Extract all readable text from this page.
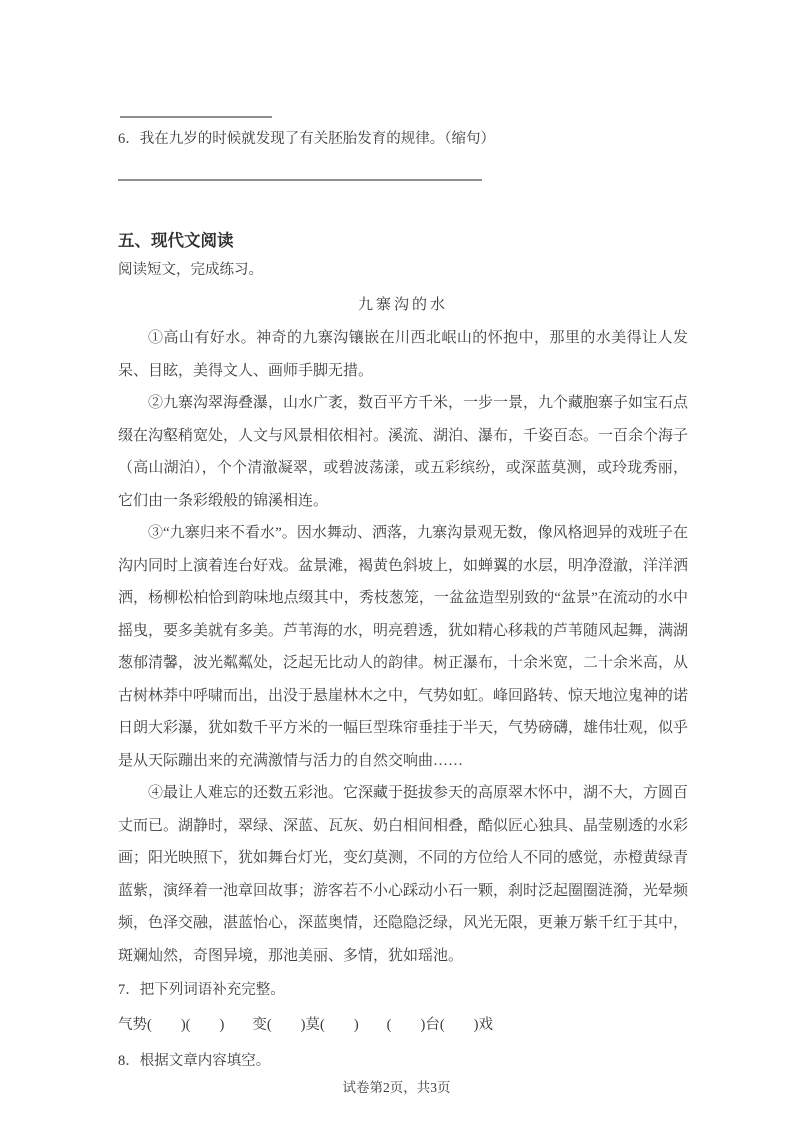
6．我在九岁的时候就发现了有关胚胎发育的规律。（缩句）

五、现代文阅读

阅读短文，完成练习。

九寨沟的水

①高山有好水。神奇的九寨沟镶嵌在川西北岷山的怀抱中，那里的水美得让人发呆、目眩，美得文人、画师手脚无措。

②九寨沟翠海叠瀑，山水广袤，数百平方千米，一步一景，九个藏胞寨子如宝石点缀在沟壑稍宽处，人文与风景相依相衬。溪流、湖泊、瀑布，千姿百态。一百余个海子（高山湖泊），个个清澈凝翠，或碧波荡漾，或五彩缤纷，或深蓝莫测，或玲珑秀丽，它们由一条彩缎般的锦溪相连。

③“九寨归来不看水”。因水舞动、洒落，九寨沟景观无数，像风格迥异的戏班子在沟内同时上演着连台好戏。盆景滩，褐黄色斜坡上，如蝉翼的水层，明净澄澈，洋洋洒洒，杨柳松柏恰到韵味地点缀其中，秀枝葱笼，一盆盆造型别致的“盆景”在流动的水中摇曳，要多美就有多美。芦苇海的水，明亮碧透，犹如精心移栽的芦苇随风起舞，满湖葱郁清馨，波光粼粼处，泛起无比动人的韵律。树正瀑布，十余米宽，二十余米高，从古树林莽中呼啸而出，出没于悬崖林木之中，气势如虹。峰回路转、惊天地泣鬼神的诺日朗大彩瀑，犹如数千平方米的一幅巨型珠帘垂挂于半天，气势磅礴，雄伟壮观，似乎是从天际蹦出来的充满激情与活力的自然交响曲……

④最让人难忘的还数五彩池。它深藏于挺拔参天的高原翠木怀中，湖不大，方圆百丈而已。湖静时，翠绿、深蓝、瓦灰、奶白相间相叠，酷似匠心独具、晶莹剔透的水彩画；阳光映照下，犹如舞台灯光，变幻莫测，不同的方位给人不同的感觉，赤橙黄绿青蓝紫，演绎着一池章回故事；游客若不小心踩动小石一颗，刹时泛起圈圈涟漪，光晕频频，色泽交融，湛蓝怡心，深蓝奥情，还隐隐泛绿，风光无限，更兼万紫千红于其中，斑斓灿然，奇图异境，那池美丽、多情，犹如瑶池。

7．把下列词语补充完整。

气势(　　)(　　) 变(　　)莫(　　) (　　)台(　　)戏

8．根据文章内容填空。

试卷第2页，共3页
